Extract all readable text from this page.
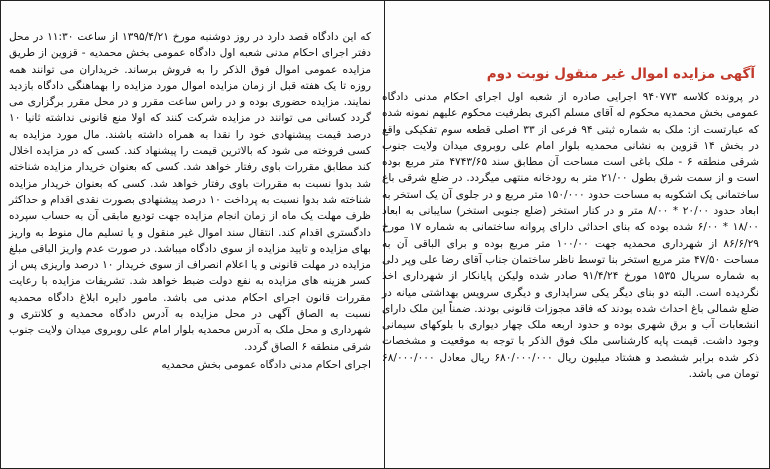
آگهی مزایده اموال غیر منقول نوبت دوم
در پرونده کلاسه ۹۴۰۷۷۳ اجرایی صادره از شعبه اول اجرای احکام مدنی دادگاه عمومی بخش محمدیه محکوم له آقای مسلم اکبری بطرفیت محکوم علیهم نمونه شده که عبارتست از: ملک به شماره ثبتی ۹۴ فرعی از ۳۳ اصلی قطعه سوم تفکیکی واقع در بخش ۱۴ قزوین به نشانی محمدیه بلوار امام علی روبروی میدان ولایت جنوب شرقی منطقه ۶ - ملک باغی است مساحت آن مطابق سند ۴۷۴۳/۶۵ متر مربع بوده است و از سمت شرق بطول ۲۱/۰۰ متر به رودخانه منتهی میگردد. در ضلع شرقی باغ ساختمانی یک اشکوبه به مساحت حدود ۱۵۰/۰۰۰ متر مربع و در جلوی آن یک استخر به ابعاد حدود ۲۰/۰۰ * ۸/۰۰ متر و در کنار استخر (ضلع جنوبی استخر) سایبانی به ابعاد ۱۸/۰۰ * ۶/۰۰ شده بوده که بنای احداثی دارای پروانه ساختمانی به شماره ۱۷ مورخ ۸۶/۶/۲۹ از شهرداری محمدیه جهت ۱۰۰/۰۰ متر مربع بوده و برای الباقی آن به مساحت ۴۷/۵۰ متر مربع استخر بنا توسط ناظر ساختمان جناب آقای رضا علی وپر دلی به شماره سریال ۱۵۳۵ مورخ ۹۱/۴/۲۴ صادر شده ولیکن پایانکار از شهرداری اخذ نگردیده است. البته دو بنای دیگر یکی سرایداری و دیگری سرویس بهداشتی میانه در ضلع شمالی باغ احداث شده بودند که فاقد مجوزات قانونی بودند. ضمناً این ملک دارای انشعابات آب و برق شهری بوده و حدود اربعه ملک چهار دیواری با بلوکهای سیمانی وجود داشت. قیمت پایه کارشناسی ملک فوق الذکر با توجه به موقعیت و مشخصات ذکر شده برابر ششصد و هشتاد میلیون ریال ۶۸۰/۰۰۰/۰۰۰ ریال معادل ۶۸/۰۰۰/۰۰۰ تومان می باشد.
که این دادگاه قصد دارد در روز دوشنبه مورخ ۱۳۹۵/۴/۲۱ از ساعت ۱۱:۳۰ در محل دفتر اجرای احکام مدنی شعبه اول دادگاه عمومی بخش محمدیه - قزوین از طریق مزایده عمومی اموال فوق الذکر را به فروش برساند. خریداران می توانند همه روزه تا یک هفته قبل از زمان مزایده اموال مورد مزایده را بهماهنگی دادگاه بازدید نمایند. مزایده حضوری بوده و در راس ساعت مقرر و در محل مقرر برگزاری می گردد کسانی می توانند در مزایده شرکت کنند که اولا منع قانونی نداشته ثانیا ۱۰ درصد قیمت پیشنهادی خود را نقدا به همراه داشته باشند. مال مورد مزایده به کسی فروخته می شود که بالاترین قیمت را پیشنهاد کند. کسی که در مزایده اخلال کند مطابق مقررات باوی رفتار خواهد شد. کسی که بعنوان خریدار مزایده شناخته شد بدوا نسبت به مقررات باوی رفتار خواهد شد. کسی که بعنوان خریدار مزایده شناخته شد بدوا نسبت به پرداخت ۱۰ درصد پیشنهادی بصورت نقدی اقدام و حداکثر ظرف مهلت یک ماه از زمان انجام مزایده جهت تودیع مابقی آن به حساب سپرده دادگستری اقدام کند. انتقال سند اموال غیر منقول و یا تسلیم مال منوط به واریز بهای مزایده و تایید مزایده از سوی دادگاه میباشد. در صورت عدم واریز الباقی مبلغ مزایده در مهلت قانونی و یا اعلام انصراف از سوی خریدار ۱۰ درصد واریزی پس از کسر هزینه های مزایده به نفع دولت ضبط خواهد شد. تشریفات مزایده با رعایت مقررات قانون اجرای احکام مدنی می باشد. مامور دایره ابلاغ دادگاه محمدیه نسبت به الصاق آگهی در محل مزایده به آدرس دادگاه محمدیه و کلانتری و شهرداری و محل ملک به آدرس محمدیه بلوار امام علی روبروی میدان ولایت جنوب شرقی منطقه ۶ الصاق گردد.
اجرای احکام مدنی دادگاه عمومی بخش محمدیه
